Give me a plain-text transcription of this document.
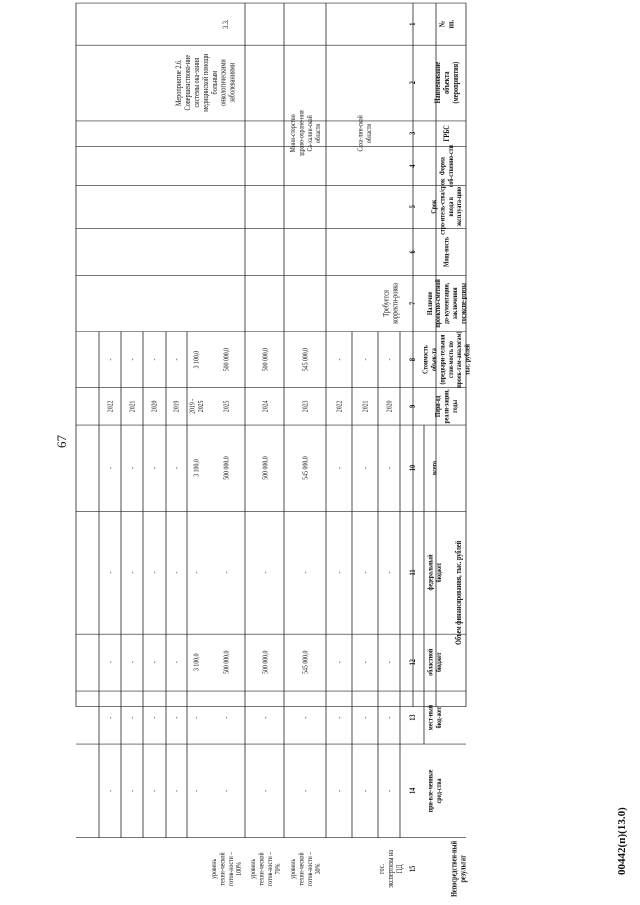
67
00442(п)(13.0)
№пп.
Наименованиеобъекта(мероприятия)
ГРБС
Формасоб-ственно-сти
Срокстро-итель-ства/срокввода вэксплуата-цию
Мощ-ность
Наличиепроектно-сметнойдо-кументации,заключениягосэкспе-ртизы
Стоимостьобъек-та(предвари-тельнаястои-мость попроек-там-аналогам)тыс. рублей
Пери-одреали-зации,годы
Объем финансирования, тыс. рублей
всего
федеральныйбюджет
областнойбюджет
мест-ныйбюд-жет
при-вле-ченныесред-ства
Непосредствен-ныйрезультат
1
2
3
4
5
6
7
8
9
10
11
12
13
14
15
Саха-лин-скойобласти
Требуетсякорректи-ровка
гос.экспертизы наПД
Мини-стерствоздраво-охране-нияСа-халин-скойобласти
3.3.
Мероприятие 2.6.Совершенствова-ниесистемы ока-заниямедицинской помощибольнымонкологическимизаболеваниями
-
2020
-
-
-
-
-
-
2021
-
-
-
-
-
-
2022
-
-
-
-
-
545 000,0
2023
545 000,0
-
545 000,0
-
-
уровеньтехни-ческойготов-ности –30%
500 000,0
2024
500 000,0
-
500 000,0
-
-
уровеньтехни-ческойготов-ности –70%
500 000,0
2025
500 000,0
-
500 000,0
-
-
уровеньтехни-ческойготов-ности –100%
3 100,0
2019 -2025
3 100,0
-
3 100,0
-
-
-
2019
-
-
-
-
-
-
2020
-
-
-
-
-
-
2021
-
-
-
-
-
-
2022
-
-
-
-
-
